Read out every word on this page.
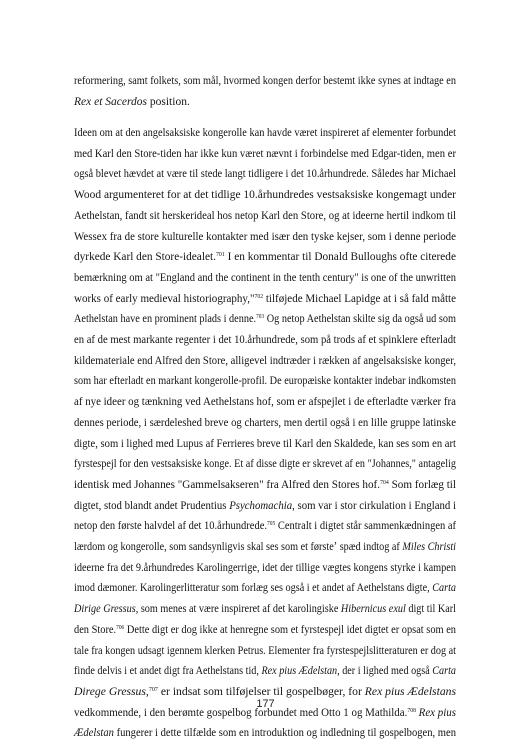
reformering, samt folkets, som mål, hvormed kongen derfor bestemt ikke synes at indtage en
Rex et Sacerdos position.
Ideen om at den angelsaksiske kongerolle kan havde været inspireret af elementer forbundet
med Karl den Store-tiden har ikke kun været nævnt i forbindelse med Edgar-tiden, men er
også blevet hævdet at være til stede langt tidligere i det 10.århundrede. Således har Michael
Wood argumenteret for at det tidlige 10.århundredes vestsaksiske kongemagt under
Aethelstan, fandt sit herskerideal hos netop Karl den Store, og at ideerne hertil indkom til
Wessex fra de store kulturelle kontakter med især den tyske kejser, som i denne periode
dyrkede Karl den Store-idealet.$^{701}$ I en kommentar til Donald Bulloughs ofte citerede
bemærkning om at "England and the continent in the tenth century" is one of the unwritten
works of early medieval historiography,"$^{702}$ tilføjede Michael Lapidge at i så fald måtte
Aethelstan have en prominent plads i denne.$^{703}$ Og netop Aethelstan skilte sig da også ud som
en af de mest markante regenter i det 10.århundrede, som på trods af et spinklere efterladt
kildemateriale end Alfred den Store, alligevel indtræder i rækken af angelsaksiske konger,
som har efterladt en markant kongerolle-profil. De europæiske kontakter indebar indkomsten
af nye ideer og tænkning ved Aethelstans hof, som er afspejlet i de efterladte værker fra
dennes periode, i særdeleshed breve og charters, men dertil også i en lille gruppe latinske
digte, som i lighed med Lupus af Ferrieres breve til Karl den Skaldede, kan ses som en art
fyrstespejl for den vestsaksiske konge. Et af disse digte er skrevet af en "Johannes," antagelig
identisk med Johannes "Gammelsakseren" fra Alfred den Stores hof.$^{704}$ Som forlæg til
digtet, stod blandt andet Prudentius Psychomachia, som var i stor cirkulation i England i
netop den første halvdel af det 10.århundrede.$^{705}$ Centralt i digtet står sammenkædningen af
lærdom og kongerolle, som sandsynligvis skal ses som et førsteʼ spæd indtog af Miles Christi
ideerne fra det 9.århundredes Karolingerrige, idet der tillige vægtes kongens styrke i kampen
imod dæmoner. Karolingerlitteratur som forlæg ses også i et andet af Aethelstans digte, Carta
Dirige Gressus, som menes at være inspireret af det karolingiske Hibernicus exul digt til Karl
den Store.$^{706}$ Dette digt er dog ikke at henregne som et fyrstespejl idet digtet er opsat som en
tale fra kongen udsagt igennem klerken Petrus. Elementer fra fyrstespejlslitteraturen er dog at
finde delvis i et andet digt fra Aethelstans tid, Rex pius Ædelstan, der i lighed med også Carta
Direge Gressus,$^{707}$ er indsat som tilføjelser til gospelbøger, for Rex pius Ædelstans
vedkommende, i den berømte gospelbog forbundet med Otto 1 og Mathilda.$^{708}$ Rex pius
Ædelstan fungerer i dette tilfælde som en introduktion og indledning til gospelbogen, men
177
